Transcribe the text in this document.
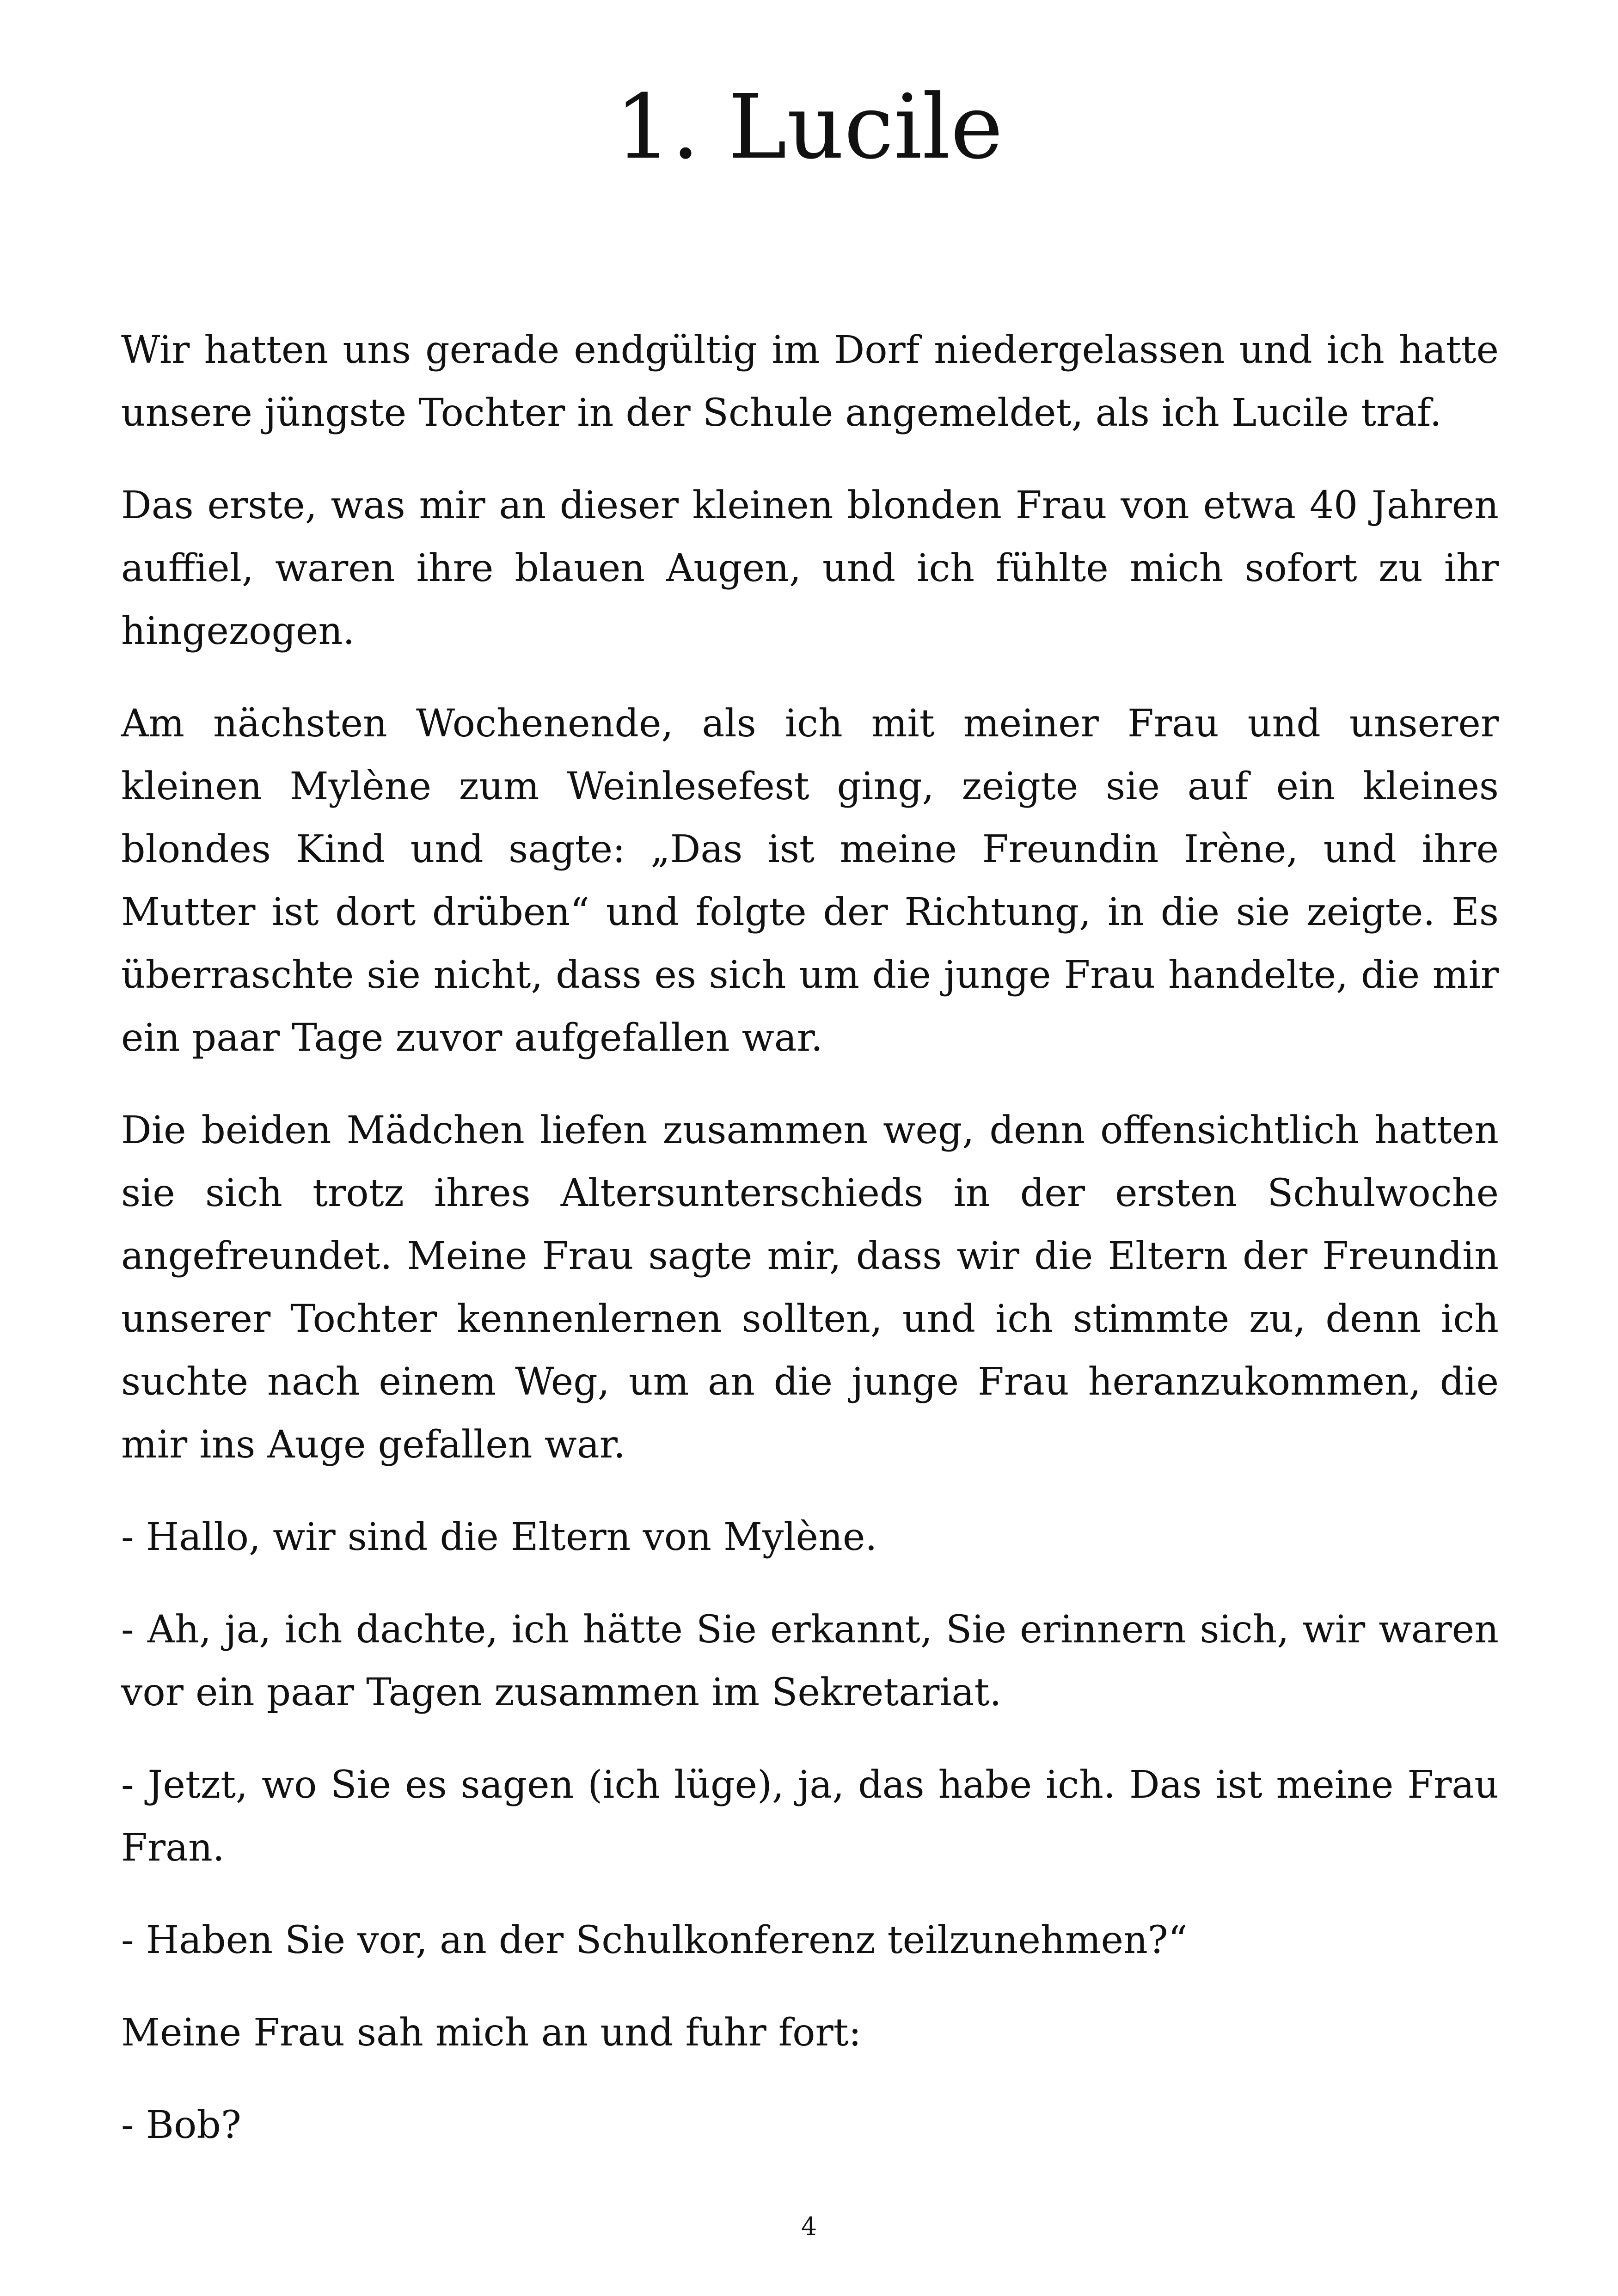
1. Lucile

Wir hatten uns gerade endgültig im Dorf niedergelassen und ich hatte unsere jüngste Tochter in der Schule angemeldet, als ich Lucile traf.

Das erste, was mir an dieser kleinen blonden Frau von etwa 40 Jahren auffiel, waren ihre blauen Augen, und ich fühlte mich sofort zu ihr hingezogen.

Am nächsten Wochenende, als ich mit meiner Frau und unserer kleinen Mylène zum Weinlesefest ging, zeigte sie auf ein kleines blondes Kind und sagte: „Das ist meine Freundin Irène, und ihre Mutter ist dort drüben“ und folgte der Richtung, in die sie zeigte. Es überraschte sie nicht, dass es sich um die junge Frau handelte, die mir ein paar Tage zuvor aufgefallen war.

Die beiden Mädchen liefen zusammen weg, denn offensichtlich hatten sie sich trotz ihres Altersunterschieds in der ersten Schulwoche angefreundet. Meine Frau sagte mir, dass wir die Eltern der Freundin unserer Tochter kennenlernen sollten, und ich stimmte zu, denn ich suchte nach einem Weg, um an die junge Frau heranzukommen, die mir ins Auge gefallen war.

- Hallo, wir sind die Eltern von Mylène.

- Ah, ja, ich dachte, ich hätte Sie erkannt, Sie erinnern sich, wir waren vor ein paar Tagen zusammen im Sekretariat.

- Jetzt, wo Sie es sagen (ich lüge), ja, das habe ich. Das ist meine Frau Fran.

- Haben Sie vor, an der Schulkonferenz teilzunehmen?“

Meine Frau sah mich an und fuhr fort:

- Bob?

4
